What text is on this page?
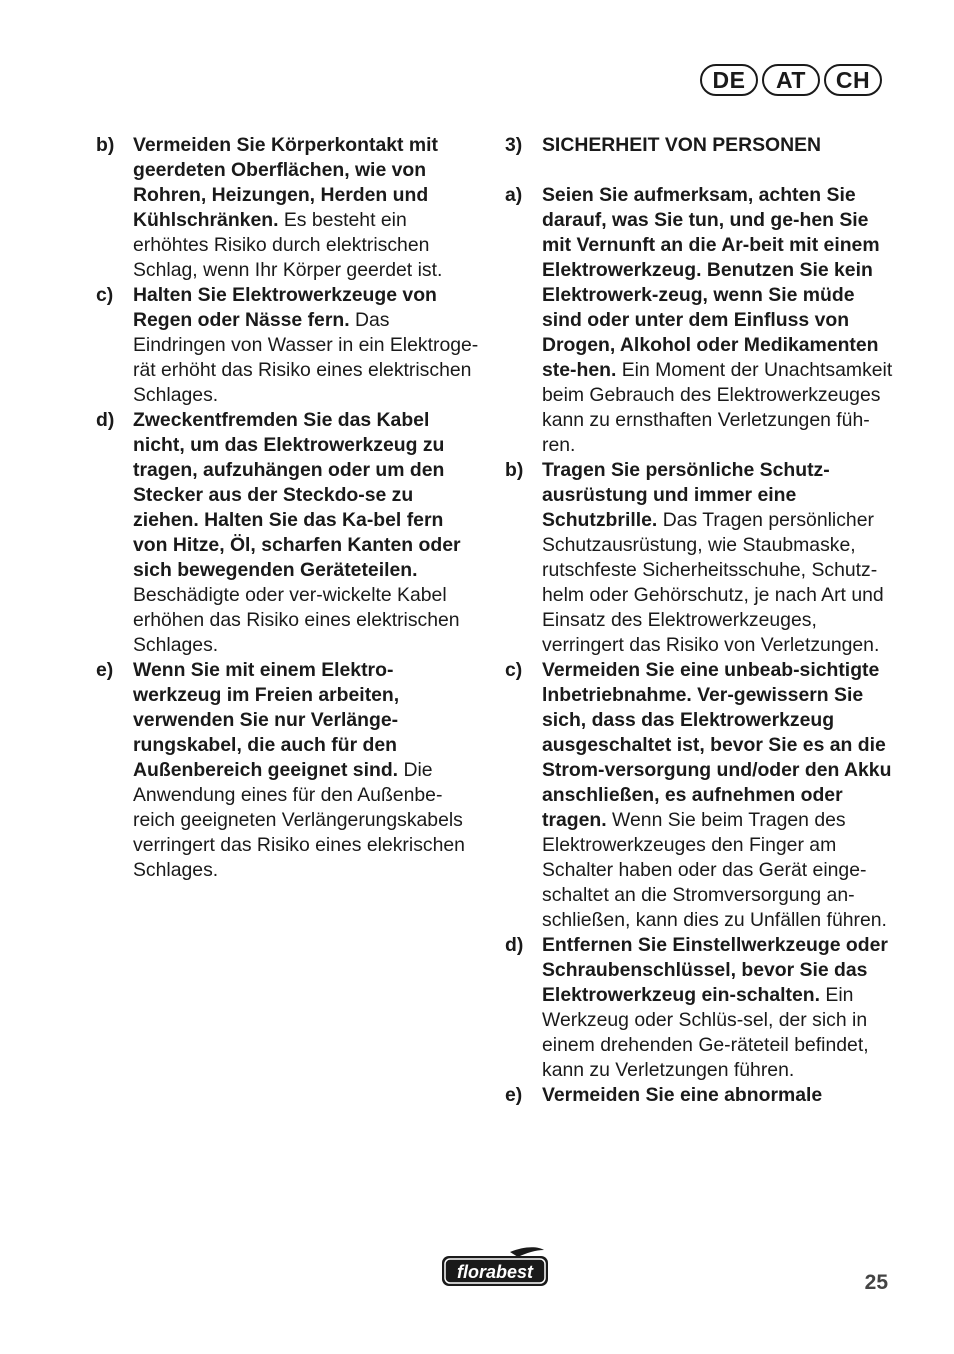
DE	AT	CH
b) Vermeiden Sie Körperkontakt mit geerdeten Oberflächen, wie von Rohren, Heizungen, Herden und Kühlschränken. Es besteht ein erhöhtes Risiko durch elektrischen Schlag, wenn Ihr Körper geerdet ist.
c)	Halten Sie Elektrowerkzeuge von Regen oder Nässe fern. Das Eindringen von Wasser in ein Elektroge-rät erhöht das Risiko eines elektrischen Schlages.
d) Zweckentfremden Sie das Kabel nicht, um das Elektrowerkzeug zu tragen, aufzuhängen oder um den Stecker aus der Steckdo-se zu ziehen. Halten Sie das Ka-bel fern von Hitze, Öl, scharfen Kanten oder sich bewegenden Geräteteilen. Beschädigte oder ver-wickelte Kabel erhöhen das Risiko eines elektrischen Schlages.
e)	Wenn Sie mit einem Elektro-werkzeug im Freien arbeiten, verwenden Sie nur Verlänge-rungskabel, die auch für den Außenbereich geeignet sind. Die Anwendung eines für den Außenbe-reich geeigneten Verlängerungskabels verringert das Risiko eines elekrischen Schlages.
3)	SICHERHEIT VON PERSONEN
a)	Seien Sie aufmerksam, achten Sie darauf, was Sie tun, und ge-hen Sie mit Vernunft an die Ar-beit mit einem Elektrowerkzeug. Benutzen Sie kein Elektrowerk-zeug, wenn Sie müde sind oder unter dem Einfluss von Drogen, Alkohol oder Medikamenten ste-hen. Ein Moment der Unachtsamkeit beim Gebrauch des Elektrowerkzeuges kann zu ernsthaften Verletzungen füh-ren.
b) Tragen Sie persönliche Schutz-ausrüstung und immer eine Schutzbrille. Das Tragen persönlicher Schutzausrüstung, wie Staubmaske, rutschfeste Sicherheitsschuhe, Schutz-helm oder Gehörschutz, je nach Art und Einsatz des Elektrowerkzeuges, verringert das Risiko von Verletzungen.
c)	Vermeiden Sie eine unbeab-sichtigte lnbetriebnahme. Ver-gewissern Sie sich, dass das Elektrowerkzeug ausgeschaltet ist, bevor Sie es an die Strom-versorgung und/oder den Akku anschließen, es aufnehmen oder tragen. Wenn Sie beim Tragen des Elektrowerkzeuges den Finger am Schalter haben oder das Gerät einge-schaltet an die Stromversorgung an-schließen, kann dies zu Unfällen führen.
d) Entfernen Sie Einstellwerkzeuge oder Schraubenschlüssel, bevor Sie das Elektrowerkzeug ein-schalten. Ein Werkzeug oder Schlüs-sel, der sich in einem drehenden Ge-räteteil befindet, kann zu Verletzungen führen.
e)	Vermeiden Sie eine abnormale
florabest	25
